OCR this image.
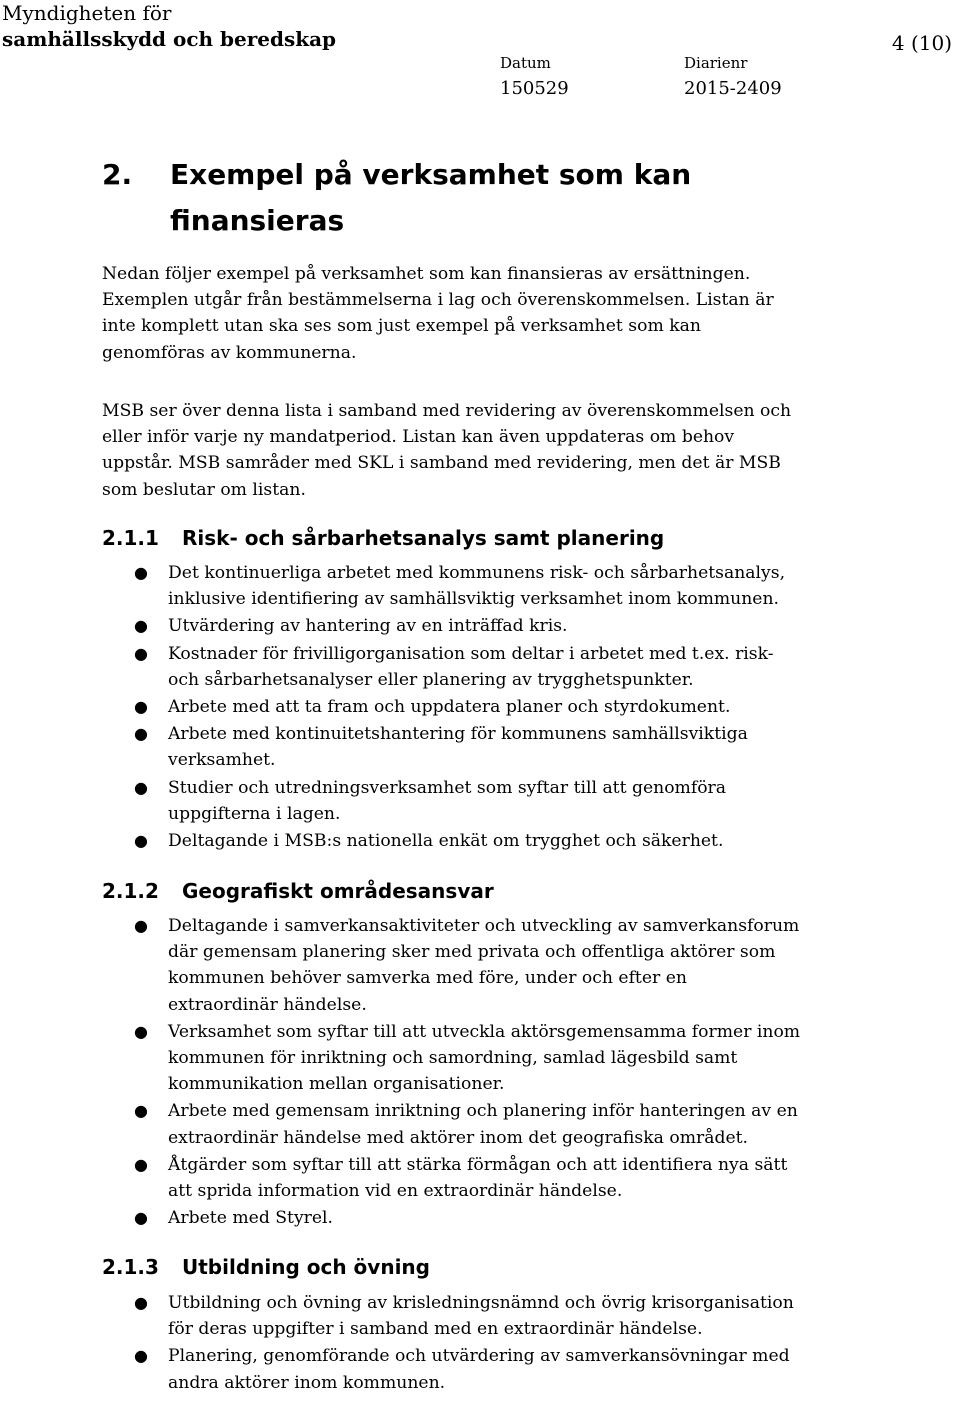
Myndigheten för
samhällsskydd och beredskap	4 (10)
Datum
150529
Diarienr
2015-2409
2. Exempel på verksamhet som kan finansieras

Nedan följer exempel på verksamhet som kan finansieras av ersättningen. Exemplen utgår från bestämmelserna i lag och överenskommelsen. Listan är inte komplett utan ska ses som just exempel på verksamhet som kan genomföras av kommunerna.

MSB ser över denna lista i samband med revidering av överenskommelsen och eller inför varje ny mandatperiod. Listan kan även uppdateras om behov uppstår. MSB samråder med SKL i samband med revidering, men det är MSB som beslutar om listan.

2.1.1 Risk- och sårbarhetsanalys samt planering
● Det kontinuerliga arbetet med kommunens risk- och sårbarhetsanalys, inklusive identifiering av samhällsviktig verksamhet inom kommunen.
● Utvärdering av hantering av en inträffad kris.
● Kostnader för frivilligorganisation som deltar i arbetet med t.ex. risk- och sårbarhetsanalyser eller planering av trygghetspunkter.
● Arbete med att ta fram och uppdatera planer och styrdokument.
● Arbete med kontinuitetshantering för kommunens samhällsviktiga verksamhet.
● Studier och utredningsverksamhet som syftar till att genomföra uppgifterna i lagen.
● Deltagande i MSB:s nationella enkät om trygghet och säkerhet.
2.1.2 Geografiskt områdesansvar
● Deltagande i samverkansaktiviteter och utveckling av samverkansforum där gemensam planering sker med privata och offentliga aktörer som kommunen behöver samverka med före, under och efter en extraordinär händelse.
● Verksamhet som syftar till att utveckla aktörsgemensamma former inom kommunen för inriktning och samordning, samlad lägesbild samt kommunikation mellan organisationer.
● Arbete med gemensam inriktning och planering inför hanteringen av en extraordinär händelse med aktörer inom det geografiska området.
● Åtgärder som syftar till att stärka förmågan och att identifiera nya sätt att sprida information vid en extraordinär händelse.
● Arbete med Styrel.
2.1.3 Utbildning och övning
● Utbildning och övning av krisledningsnämnd och övrig krisorganisation för deras uppgifter i samband med en extraordinär händelse.
● Planering, genomförande och utvärdering av samverkansövningar med andra aktörer inom kommunen.
